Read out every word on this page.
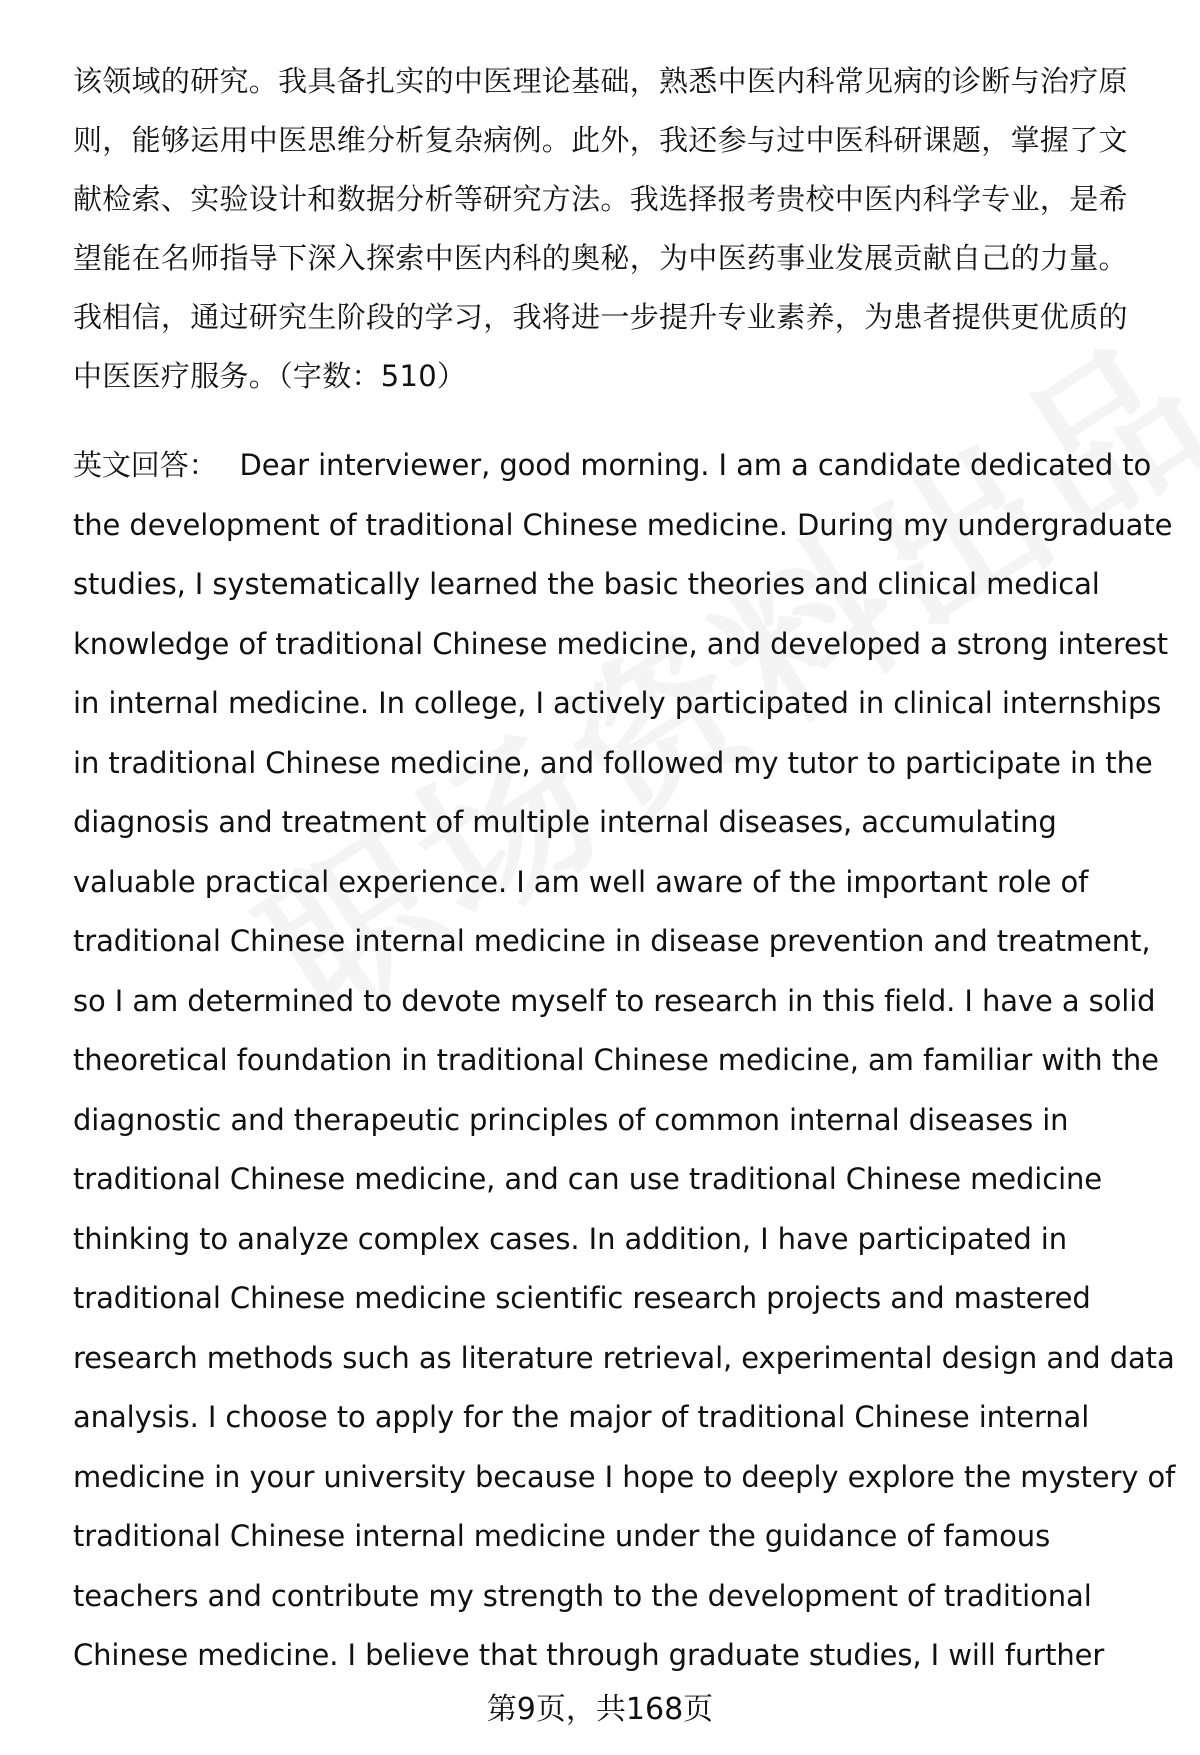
该领域的研究。我具备扎实的中医理论基础，熟悉中医内科常见病的诊断与治疗原
则，能够运用中医思维分析复杂病例。此外，我还参与过中医科研课题，掌握了文
献检索、实验设计和数据分析等研究方法。我选择报考贵校中医内科学专业，是希
望能在名师指导下深入探索中医内科的奥秘，为中医药事业发展贡献自己的力量。
我相信，通过研究生阶段的学习，我将进一步提升专业素养，为患者提供更优质的
中医医疗服务。（字数：510）
英文回答： Dear interviewer, good morning. I am a candidate dedicated to
the development of traditional Chinese medicine. During my undergraduate
studies, I systematically learned the basic theories and clinical medical
knowledge of traditional Chinese medicine, and developed a strong interest
in internal medicine. In college, I actively participated in clinical internships
in traditional Chinese medicine, and followed my tutor to participate in the
diagnosis and treatment of multiple internal diseases, accumulating
valuable practical experience. I am well aware of the important role of
traditional Chinese internal medicine in disease prevention and treatment,
so I am determined to devote myself to research in this field. I have a solid
theoretical foundation in traditional Chinese medicine, am familiar with the
diagnostic and therapeutic principles of common internal diseases in
traditional Chinese medicine, and can use traditional Chinese medicine
thinking to analyze complex cases. In addition, I have participated in
traditional Chinese medicine scientific research projects and mastered
research methods such as literature retrieval, experimental design and data
analysis. I choose to apply for the major of traditional Chinese internal
medicine in your university because I hope to deeply explore the mystery of
traditional Chinese internal medicine under the guidance of famous
teachers and contribute my strength to the development of traditional
Chinese medicine. I believe that through graduate studies, I will further
第9页，共168页
